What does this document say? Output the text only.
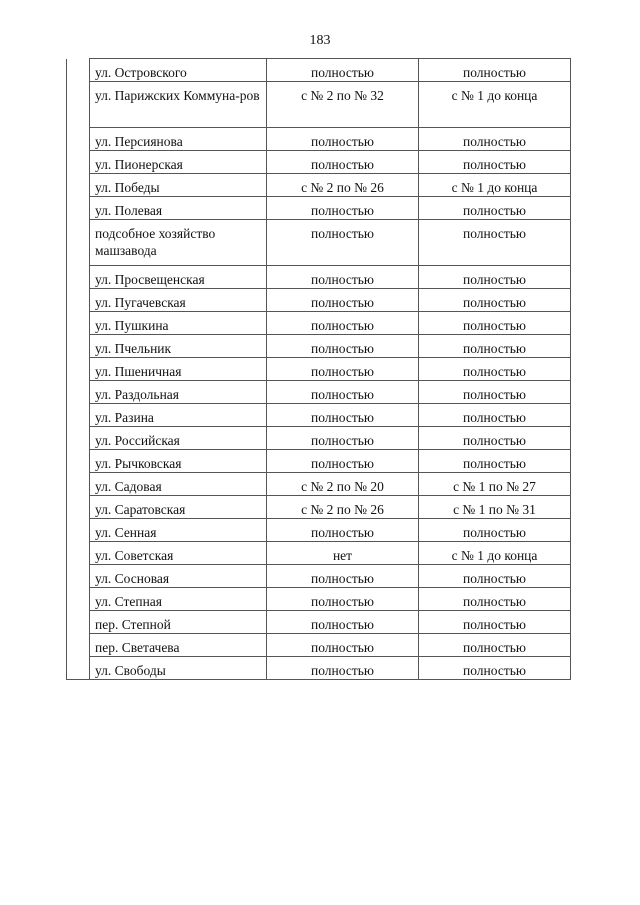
183
	ул. Островского	полностью	полностью
	ул. Парижских Коммуна-ров	с № 2 по № 32	с № 1 до конца
	ул. Персиянова	полностью	полностью
	ул. Пионерская	полностью	полностью
	ул. Победы	с № 2 по № 26	с № 1 до конца
	ул. Полевая	полностью	полностью
	подсобное хозяйство машзавода	полностью	полностью
	ул. Просвещенская	полностью	полностью
	ул. Пугачевская	полностью	полностью
	ул. Пушкина	полностью	полностью
	ул. Пчельник	полностью	полностью
	ул. Пшеничная	полностью	полностью
	ул. Раздольная	полностью	полностью
	ул. Разина	полностью	полностью
	ул. Российская	полностью	полностью
	ул. Рычковская	полностью	полностью
	ул. Садовая	с № 2 по № 20	с № 1 по № 27
	ул. Саратовская	с № 2 по № 26	с № 1 по № 31
	ул. Сенная	полностью	полностью
	ул. Советская	нет	с № 1 до конца
	ул. Сосновая	полностью	полностью
	ул. Степная	полностью	полностью
	пер. Степной	полностью	полностью
	пер. Светачева	полностью	полностью
	ул. Свободы	полностью	полностью
